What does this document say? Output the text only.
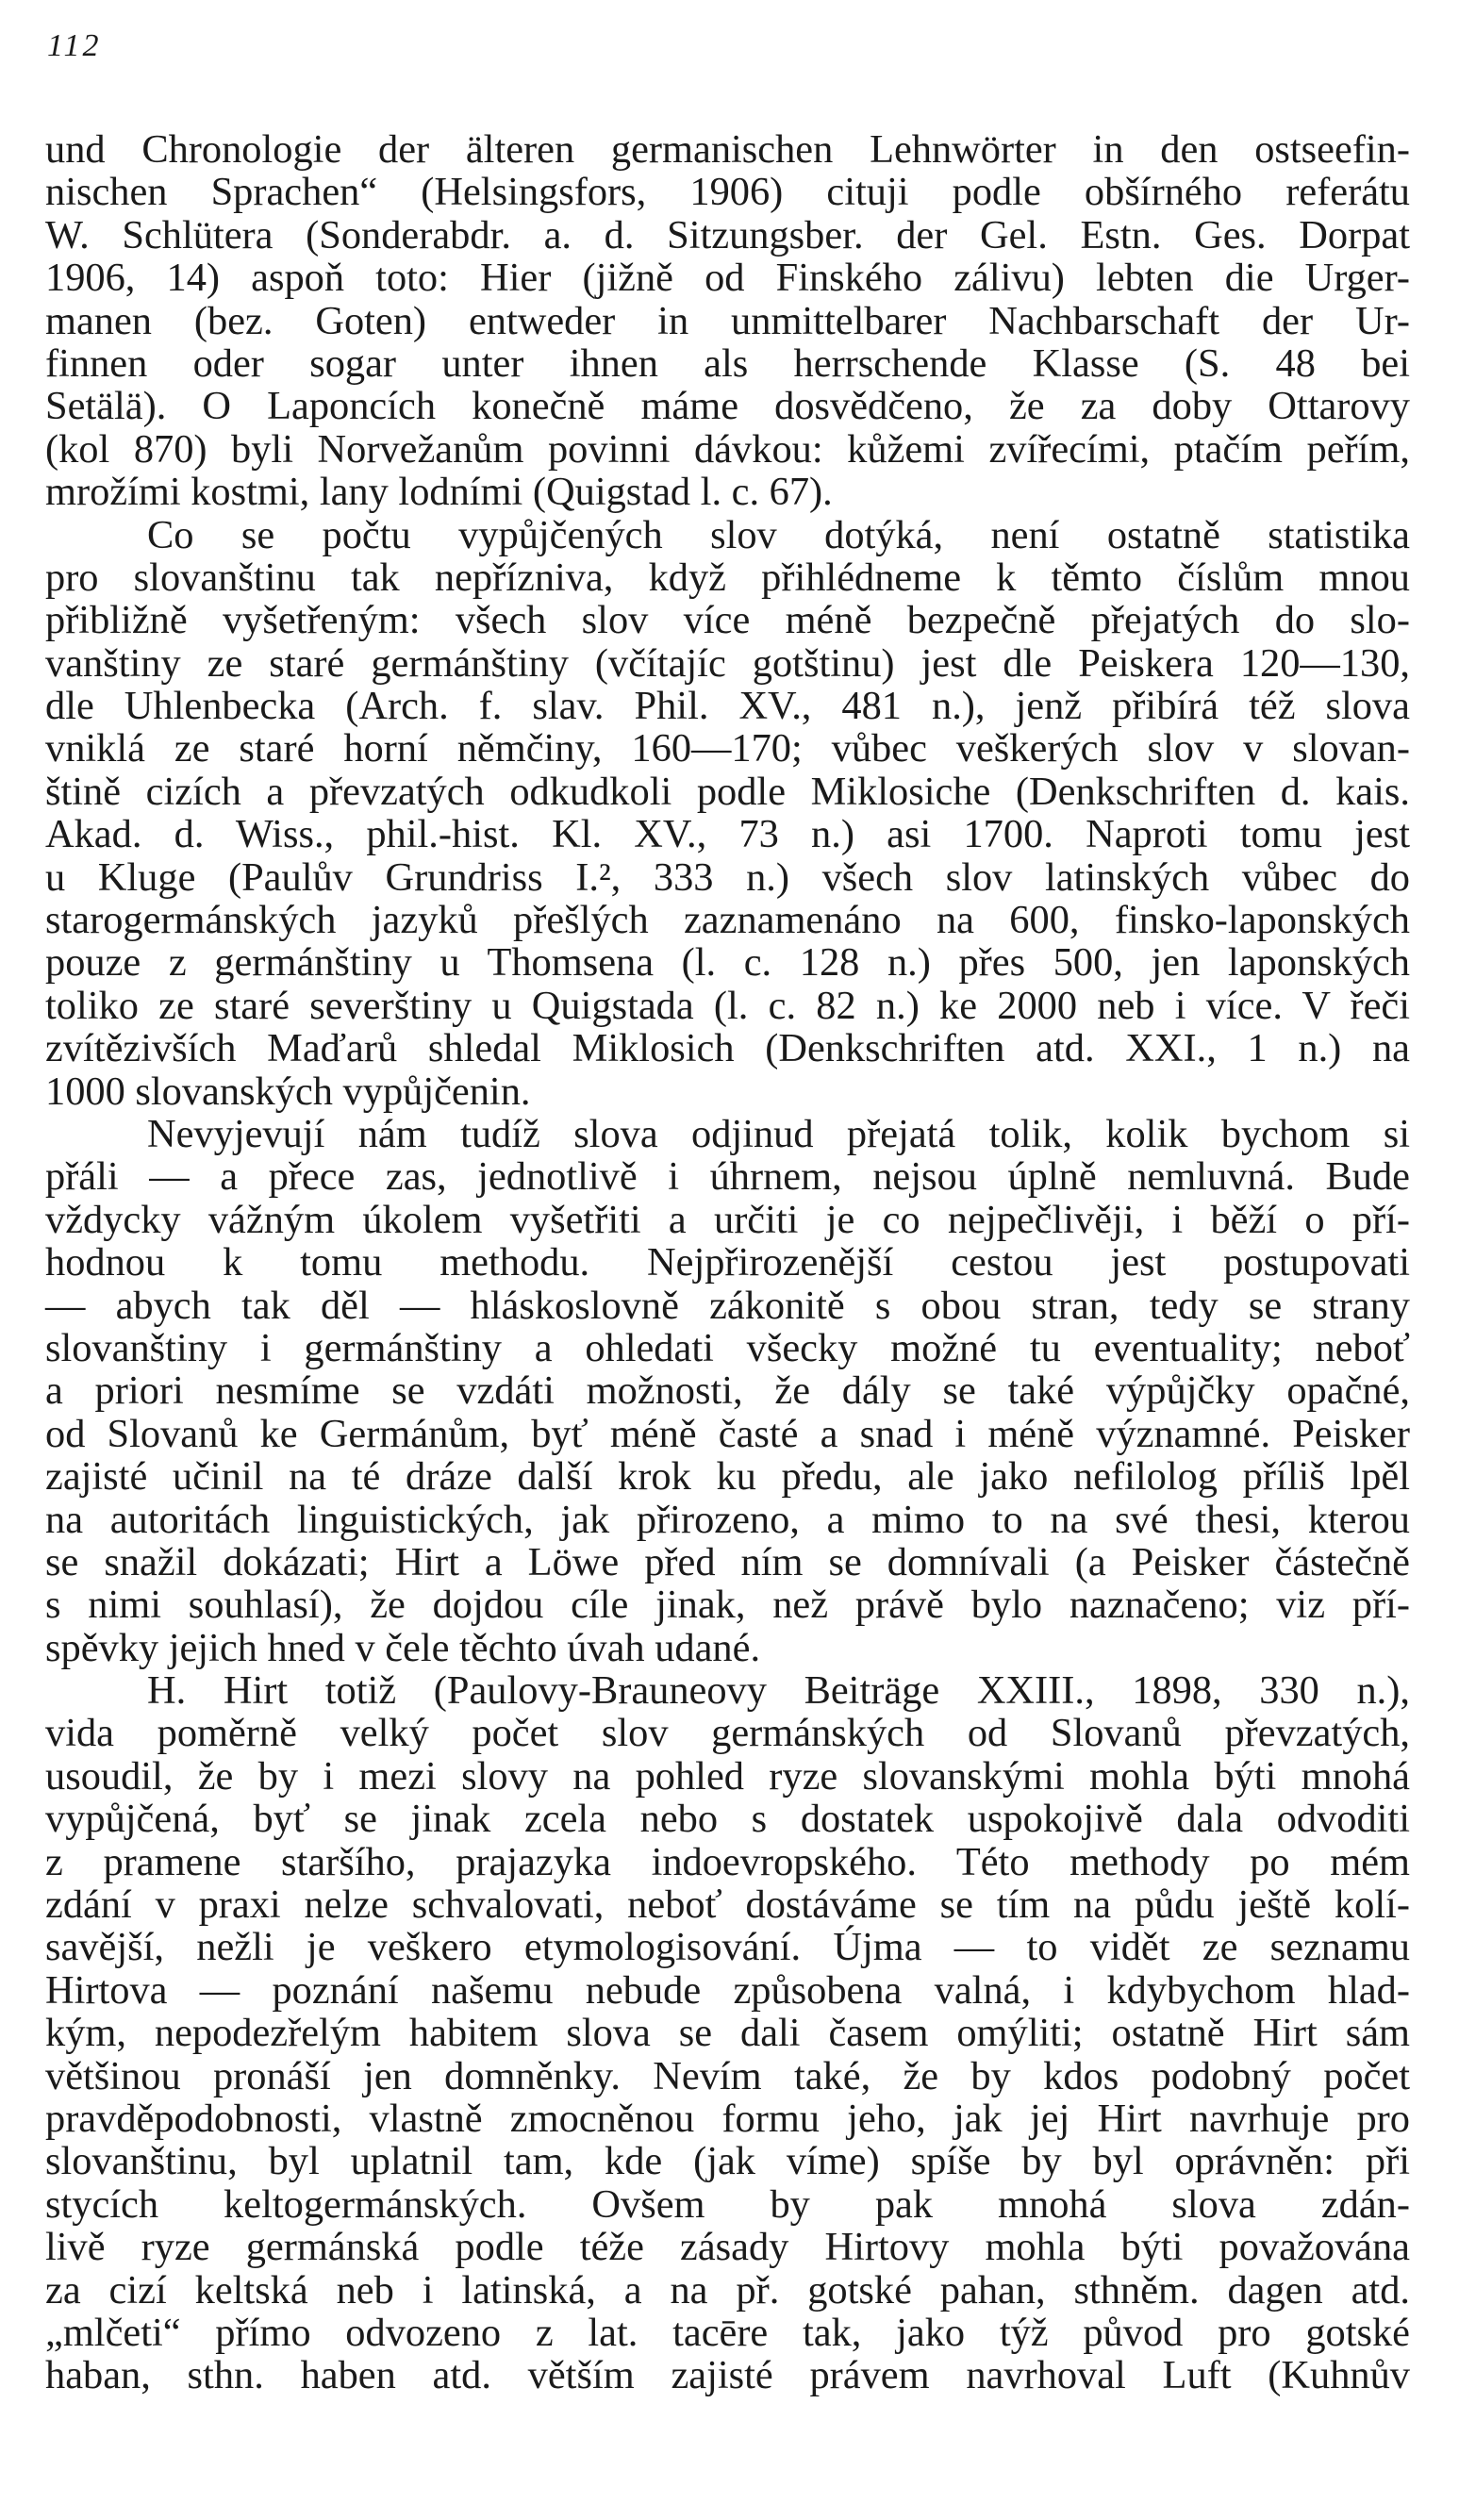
112
und Chronologie der älteren germanischen Lehnwörter in den ostseefin-
nischen Sprachen“ (Helsingsfors, 1906) cituji podle obšírného referátu
W. Schlütera (Sonderabdr. a. d. Sitzungsber. der Gel. Estn. Ges. Dorpat
1906, 14) aspoň toto: Hier (jižně od Finského zálivu) lebten die Urger-
manen (bez. Goten) entweder in unmittelbarer Nachbarschaft der Ur-
finnen oder sogar unter ihnen als herrschende Klasse (S. 48 bei
Setälä). O Laponcích konečně máme dosvědčeno, že za doby Ottarovy
(kol 870) byli Norvežanům povinni dávkou: kůžemi zvířecími, ptačím peřím,
mrožími kostmi, lany lodními (Quigstad l. c. 67).
Co se počtu vypůjčených slov dotýká, není ostatně statistika
pro slovanštinu tak nepřízniva, když přihlédneme k těmto číslům mnou
přibližně vyšetřeným: všech slov více méně bezpečně přejatých do slo-
vanštiny ze staré germánštiny (včítajíc gotštinu) jest dle Peiskera 120—130,
dle Uhlenbecka (Arch. f. slav. Phil. XV., 481 n.), jenž přibírá též slova
vniklá ze staré horní němčiny, 160—170; vůbec veškerých slov v slovan-
štině cizích a převzatých odkudkoli podle Miklosiche (Denkschriften d. kais.
Akad. d. Wiss., phil.-hist. Kl. XV., 73 n.) asi 1700. Naproti tomu jest
u Kluge (Paulův Grundriss I.², 333 n.) všech slov latinských vůbec do
starogermánských jazyků přešlých zaznamenáno na 600, finsko-laponských
pouze z germánštiny u Thomsena (l. c. 128 n.) přes 500, jen laponských
toliko ze staré severštiny u Quigstada (l. c. 82 n.) ke 2000 neb i více. V řeči
zvítězivších Maďarů shledal Miklosich (Denkschriften atd. XXI., 1 n.) na
1000 slovanských vypůjčenin.
Nevyjevují nám tudíž slova odjinud přejatá tolik, kolik bychom si
přáli — a přece zas, jednotlivě i úhrnem, nejsou úplně nemluvná. Bude
vždycky vážným úkolem vyšetřiti a určiti je co nejpečlivěji, i běží o pří-
hodnou k tomu methodu. Nejpřirozenější cestou jest postupovati
— abych tak děl — hláskoslovně zákonitě s obou stran, tedy se strany
slovanštiny i germánštiny a ohledati všecky možné tu eventuality; neboť
a priori nesmíme se vzdáti možnosti, že dály se také výpůjčky opačné,
od Slovanů ke Germánům, byť méně časté a snad i méně významné. Peisker
zajisté učinil na té dráze další krok ku předu, ale jako nefilolog příliš lpěl
na autoritách linguistických, jak přirozeno, a mimo to na své thesi, kterou
se snažil dokázati; Hirt a Löwe před ním se domnívali (a Peisker částečně
s nimi souhlasí), že dojdou cíle jinak, než právě bylo naznačeno; viz pří-
spěvky jejich hned v čele těchto úvah udané.
H. Hirt totiž (Paulovy-Brauneovy Beiträge XXIII., 1898, 330 n.),
vida poměrně velký počet slov germánských od Slovanů převzatých,
usoudil, že by i mezi slovy na pohled ryze slovanskými mohla býti mnohá
vypůjčená, byť se jinak zcela nebo s dostatek uspokojivě dala odvoditi
z pramene staršího, prajazyka indoevropského. Této methody po mém
zdání v praxi nelze schvalovati, neboť dostáváme se tím na půdu ještě kolí-
savější, nežli je veškero etymologisování. Újma — to vidět ze seznamu
Hirtova — poznání našemu nebude způsobena valná, i kdybychom hlad-
kým, nepodezřelým habitem slova se dali časem omýliti; ostatně Hirt sám
většinou pronáší jen domněnky. Nevím také, že by kdos podobný počet
pravděpodobnosti, vlastně zmocněnou formu jeho, jak jej Hirt navrhuje pro
slovanštinu, byl uplatnil tam, kde (jak víme) spíše by byl oprávněn: při
stycích keltogermánských. Ovšem by pak mnohá slova zdán-
livě ryze germánská podle téže zásady Hirtovy mohla býti považována
za cizí keltská neb i latinská, a na př. gotské pahan, sthněm. dagen atd.
„mlčeti“ přímo odvozeno z lat. tacēre tak, jako týž původ pro gotské
haban, sthn. haben atd. větším zajisté právem navrhoval Luft (Kuhnův
